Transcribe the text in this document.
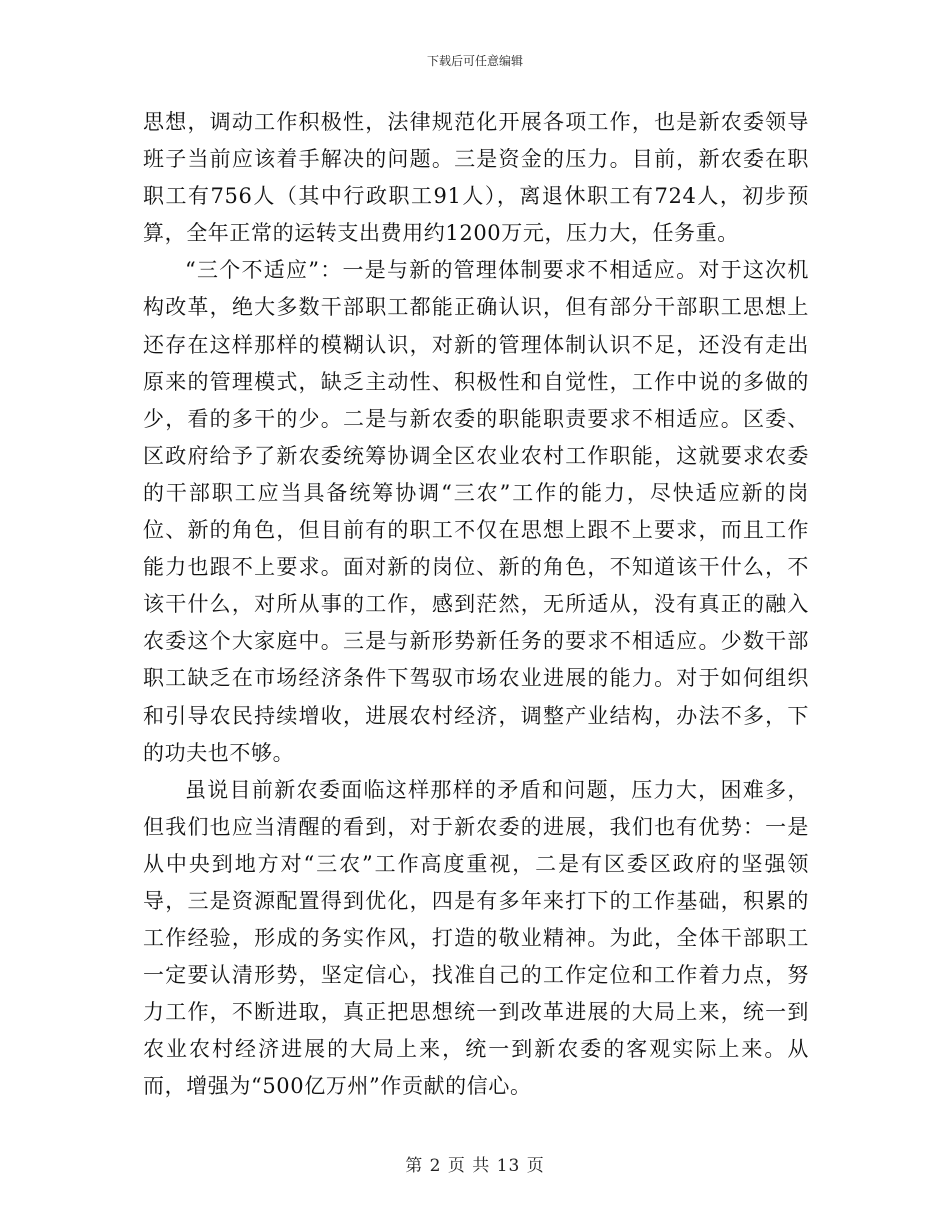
下载后可任意编辑

思想，调动工作积极性，法律规范化开展各项工作，也是新农委领导班子当前应该着手解决的问题。三是资金的压力。目前，新农委在职职工有756人（其中行政职工91人），离退休职工有724人，初步预算，全年正常的运转支出费用约1200万元，压力大，任务重。

“三个不适应”：一是与新的管理体制要求不相适应。对于这次机构改革，绝大多数干部职工都能正确认识，但有部分干部职工思想上还存在这样那样的模糊认识，对新的管理体制认识不足，还没有走出原来的管理模式，缺乏主动性、积极性和自觉性，工作中说的多做的少，看的多干的少。二是与新农委的职能职责要求不相适应。区委、区政府给予了新农委统筹协调全区农业农村工作职能，这就要求农委的干部职工应当具备统筹协调“三农”工作的能力，尽快适应新的岗位、新的角色，但目前有的职工不仅在思想上跟不上要求，而且工作能力也跟不上要求。面对新的岗位、新的角色，不知道该干什么，不该干什么，对所从事的工作，感到茫然，无所适从，没有真正的融入农委这个大家庭中。三是与新形势新任务的要求不相适应。少数干部职工缺乏在市场经济条件下驾驭市场农业进展的能力。对于如何组织和引导农民持续增收，进展农村经济，调整产业结构，办法不多，下的功夫也不够。

虽说目前新农委面临这样那样的矛盾和问题，压力大，困难多，但我们也应当清醒的看到，对于新农委的进展，我们也有优势：一是从中央到地方对“三农”工作高度重视，二是有区委区政府的坚强领导，三是资源配置得到优化，四是有多年来打下的工作基础，积累的工作经验，形成的务实作风，打造的敬业精神。为此，全体干部职工一定要认清形势，坚定信心，找准自己的工作定位和工作着力点，努力工作，不断进取，真正把思想统一到改革进展的大局上来，统一到农业农村经济进展的大局上来，统一到新农委的客观实际上来。从而，增强为“500亿万州”作贡献的信心。

第 2 页 共 13 页
